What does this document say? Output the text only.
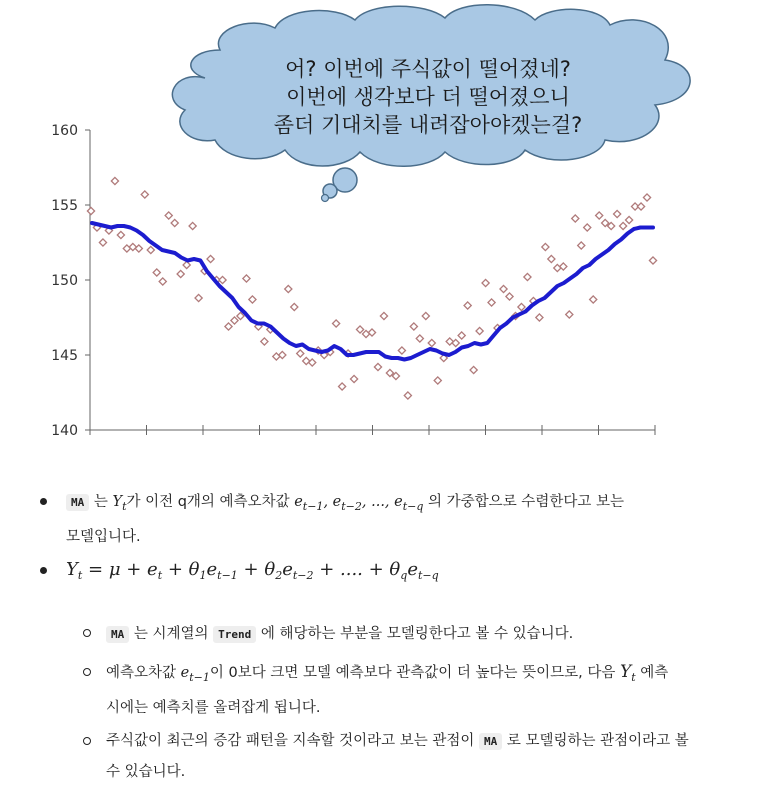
140
145
150
155
160
어? 이번에 주식값이 떨어졌네?
이번에 생각보다 더 떨어졌으니
좀더 기대치를 내려잡아야겠는걸?
MA 는 $Y_t$가 이전 q개의 예측오차값 $e_{t-1}$, $e_{t-2}$, ..., $e_{t-q}$ 의 가중합으로 수렴한다고 보는
모델입니다.
$Y_t = \mu + e_t + \theta_1e_{t-1} + \theta_2e_{t-2}$ + .... + $\theta_qe_{t-q}$
MA 는 시계열의 Trend 에 해당하는 부분을 모델링한다고 볼 수 있습니다.
예측오차값 $e_{t-1}$이 0보다 크면 모델 예측보다 관측값이 더 높다는 뜻이므로, 다음 $Y_t$ 예측
시에는 예측치를 올려잡게 됩니다.
주식값이 최근의 증감 패턴을 지속할 것이라고 보는 관점이 MA 로 모델링하는 관점이라고 볼
수 있습니다.
